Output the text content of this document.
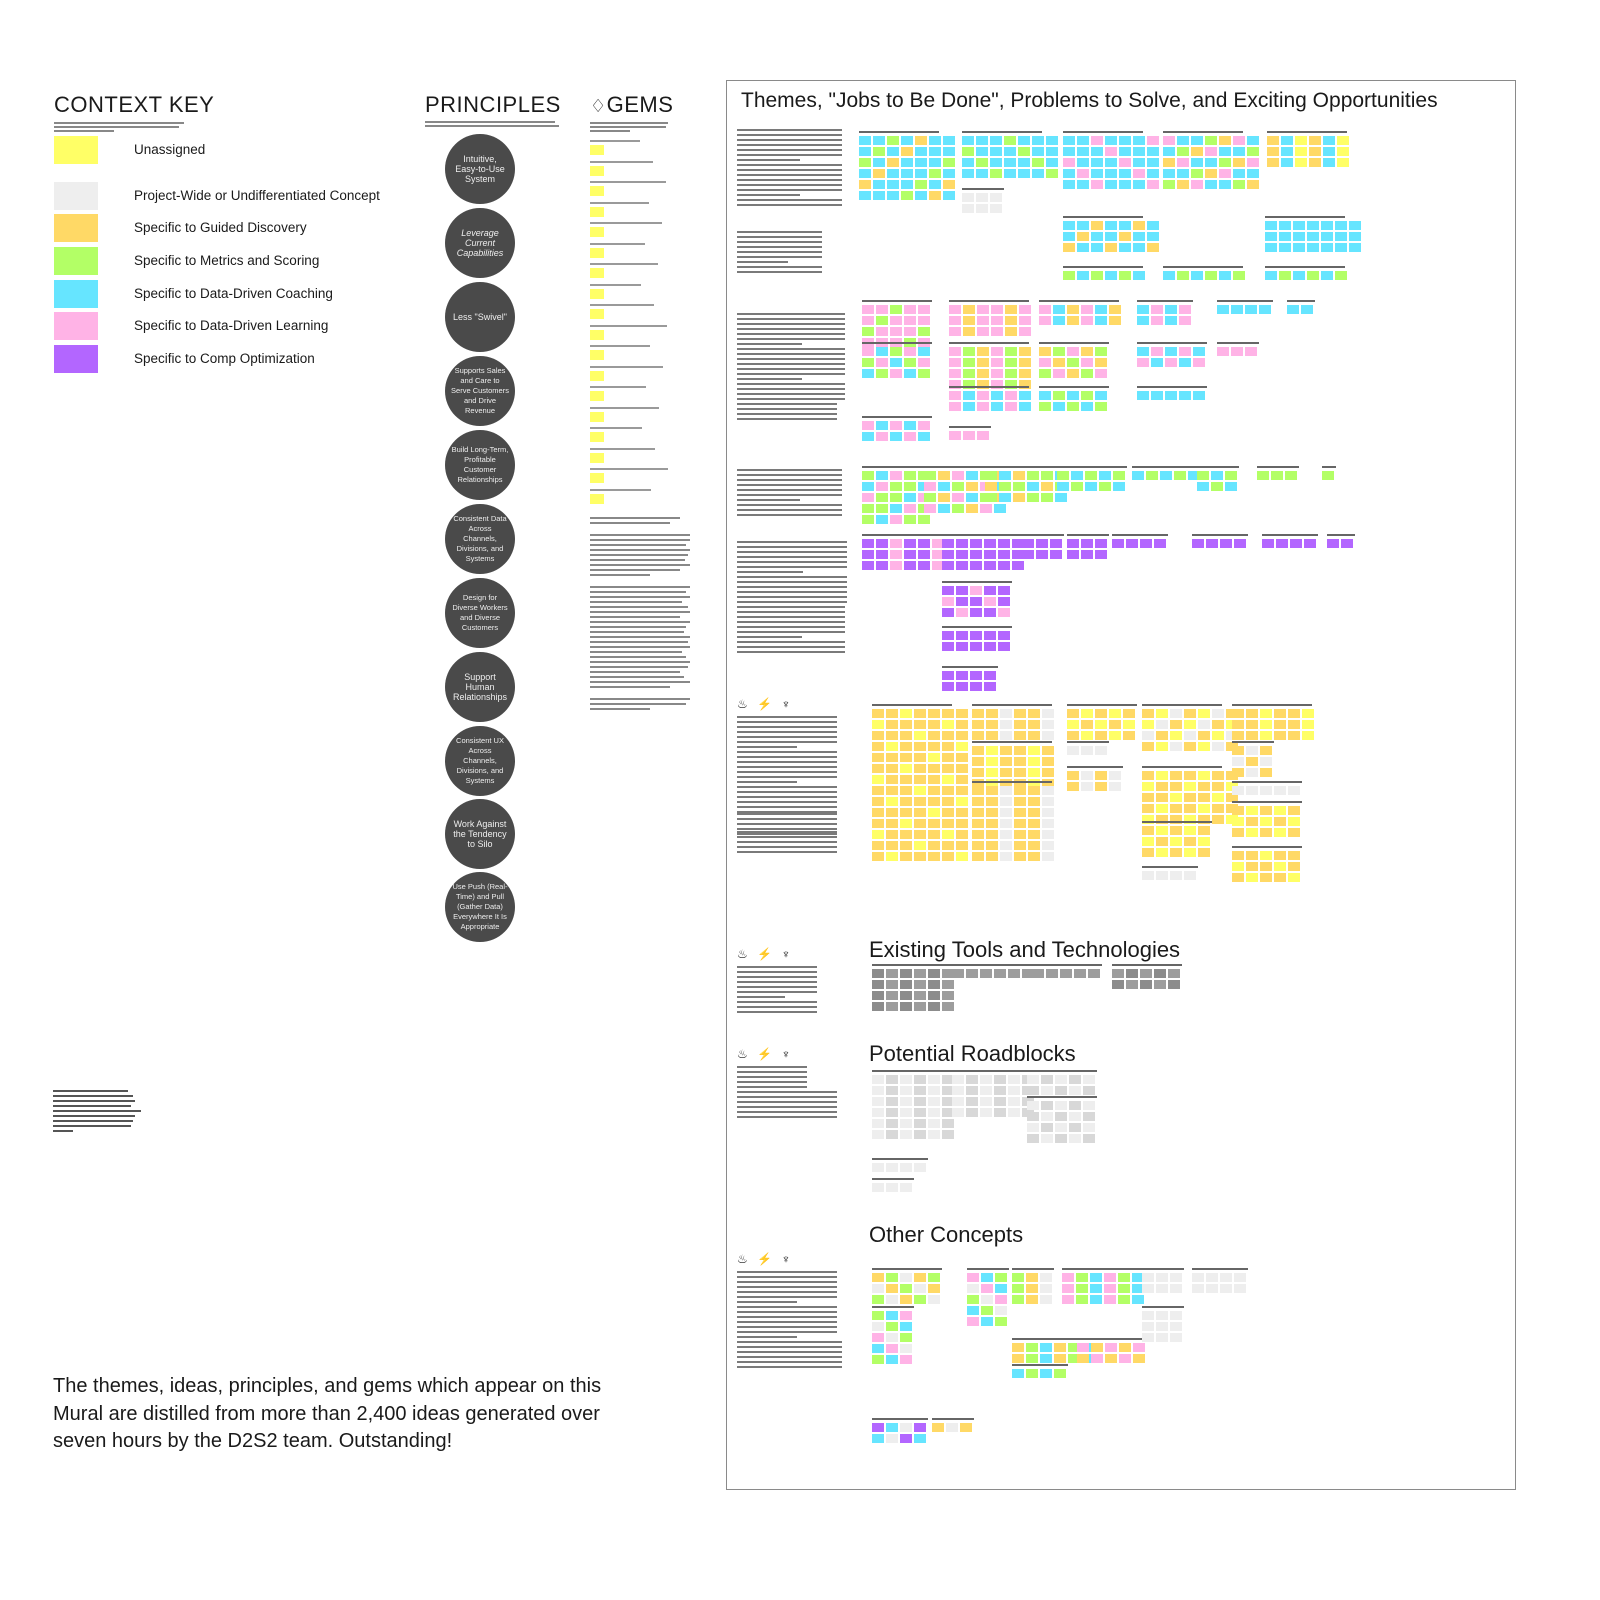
CONTEXT KEY
Unassigned
Project-Wide or Undifferentiated Concept
Specific to Guided Discovery
Specific to Metrics and Scoring
Specific to Data-Driven Coaching
Specific to Data-Driven Learning
Specific to Comp Optimization
PRINCIPLES
Intuitive, Easy-to-Use System
Leverage Current Capabilities
Less "Swivel"
Supports Sales and Care to Serve Customers and Drive Revenue
Build Long-Term, Profitable Customer Relationships
Consistent Data Across Channels, Divisions, and Systems
Design for Diverse Workers and Diverse Customers
Support Human Relationships
Consistent UX Across Channels, Divisions, and Systems
Work Against the Tendency to Silo
Use Push (Real-Time) and Pull (Gather Data) Everywhere It Is Appropriate
♢GEMS	Themes, "Jobs to Be Done", Problems to Solve, and Exciting Opportunities
♨ ⚡ ♆
♨ ⚡ ♆
♨ ⚡ ♆
♨ ⚡ ♆
Existing Tools and Technologies
Potential Roadblocks
Other Concepts
The themes, ideas, principles, and gems which appear on this Mural are distilled from more than 2,400 ideas generated over seven hours by the D2S2 team. Outstanding!
